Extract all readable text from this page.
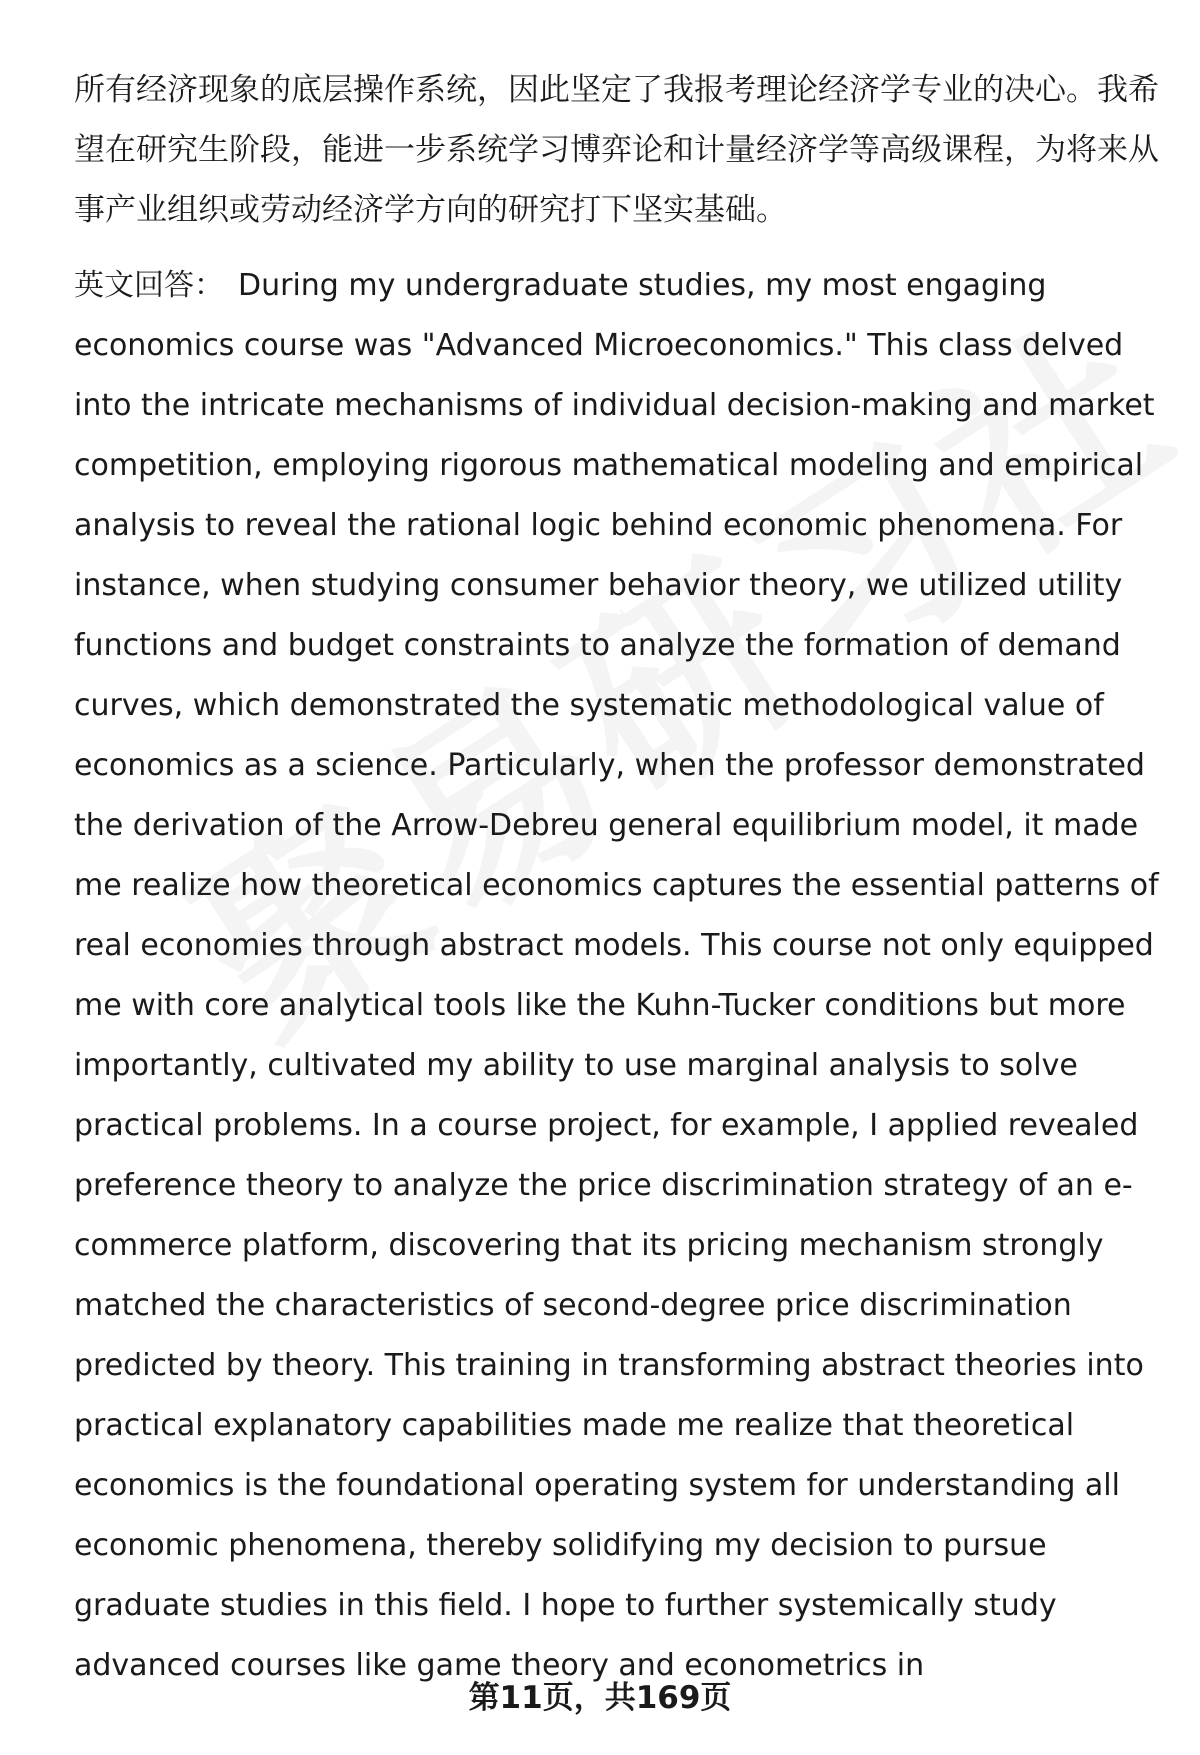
所有经济现象的底层操作系统，因此坚定了我报考理论经济学专业的决心。我希望在研究生阶段，能进一步系统学习博弈论和计量经济学等高级课程，为将来从事产业组织或劳动经济学方向的研究打下坚实基础。

英文回答： During my undergraduate studies, my most engaging economics course was "Advanced Microeconomics." This class delved into the intricate mechanisms of individual decision-making and market competition, employing rigorous mathematical modeling and empirical analysis to reveal the rational logic behind economic phenomena. For instance, when studying consumer behavior theory, we utilized utility functions and budget constraints to analyze the formation of demand curves, which demonstrated the systematic methodological value of economics as a science. Particularly, when the professor demonstrated the derivation of the Arrow-Debreu general equilibrium model, it made me realize how theoretical economics captures the essential patterns of real economies through abstract models. This course not only equipped me with core analytical tools like the Kuhn-Tucker conditions but more importantly, cultivated my ability to use marginal analysis to solve practical problems. In a course project, for example, I applied revealed preference theory to analyze the price discrimination strategy of an e-commerce platform, discovering that its pricing mechanism strongly matched the characteristics of second-degree price discrimination predicted by theory. This training in transforming abstract theories into practical explanatory capabilities made me realize that theoretical economics is the foundational operating system for understanding all economic phenomena, thereby solidifying my decision to pursue graduate studies in this field. I hope to further systemically study advanced courses like game theory and econometrics in

第11页，共169页
